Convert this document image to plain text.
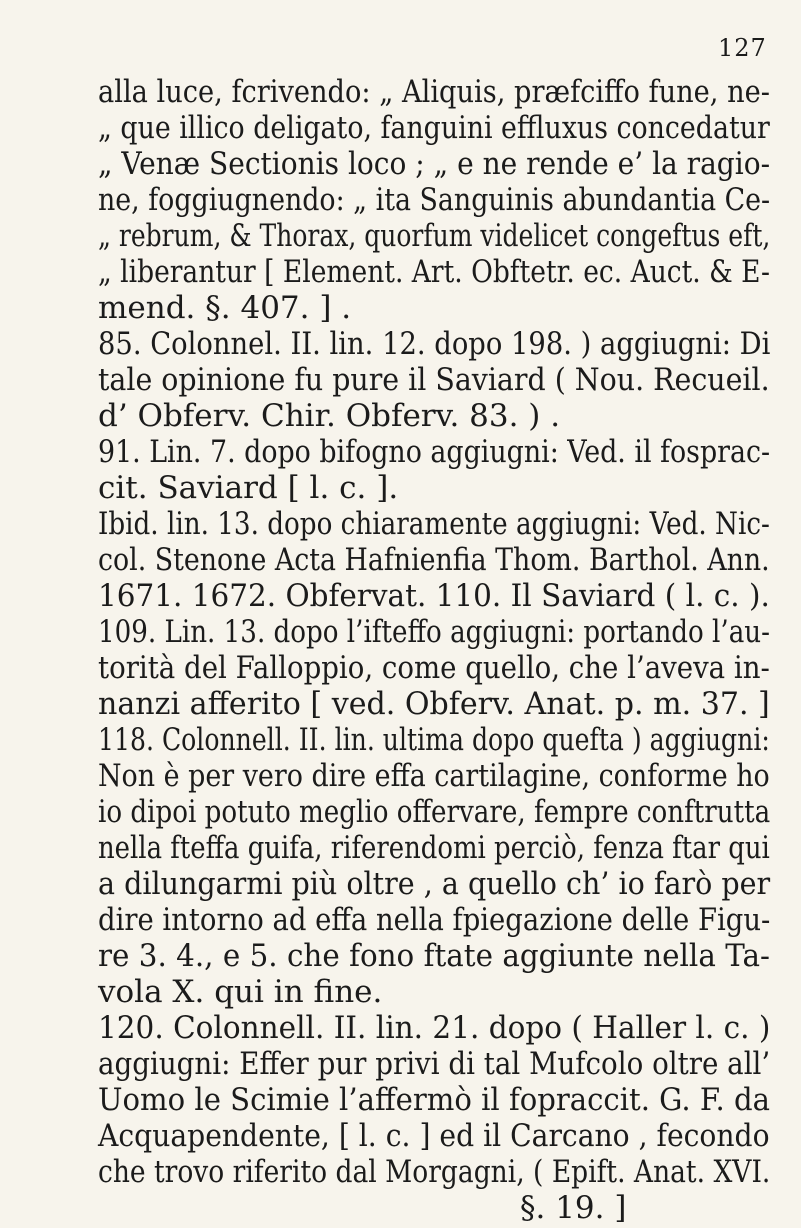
127
alla luce, fcrivendo: „ Aliquis, præfciffo fune, ne-
„ que illico deligato, fanguini effluxus concedatur
„ Venæ Sectionis loco ; „ e ne rende e’ la ragio-
ne, foggiugnendo: „ ita Sanguinis abundantia Ce-
„ rebrum, & Thorax, quorfum videlicet congeftus eft,
„ liberantur [ Element. Art. Obftetr. ec. Auct. & E-
mend. §. 407. ] .
85. Colonnel. II. lin. 12. dopo 198. ) aggiugni: Di
tale opinione fu pure il Saviard ( Nou. Recueil.
d’ Obferv. Chir. Obferv. 83. ) .
91. Lin. 7. dopo bifogno aggiugni: Ved. il fosprac-
cit. Saviard [ l. c. ].
Ibid. lin. 13. dopo chiaramente aggiugni: Ved. Nic-
col. Stenone Acta Hafnienfia Thom. Barthol. Ann.
1671. 1672. Obfervat. 110. Il Saviard ( l. c. ).
109. Lin. 13. dopo l’ifteffo aggiugni: portando l’au-
torità del Falloppio, come quello, che l’aveva in-
nanzi afferito [ ved. Obferv. Anat. p. m. 37. ]
118. Colonnell. II. lin. ultima dopo quefta ) aggiugni:
Non è per vero dire effa cartilagine, conforme ho
io dipoi potuto meglio offervare, fempre conftrutta
nella fteffa guifa, riferendomi perciò, fenza ftar qui
a dilungarmi più oltre , a quello ch’ io farò per
dire intorno ad effa nella fpiegazione delle Figu-
re 3. 4., e 5. che fono ftate aggiunte nella Ta-
vola X. qui in fine.
120. Colonnell. II. lin. 21. dopo ( Haller l. c. )
aggiugni: Effer pur privi di tal Mufcolo oltre all’
Uomo le Scimie l’affermò il fopraccit. G. F. da
Acquapendente, [ l. c. ] ed il Carcano , fecondo
che trovo riferito dal Morgagni, ( Epift. Anat. XVI.
§. 19. ]
